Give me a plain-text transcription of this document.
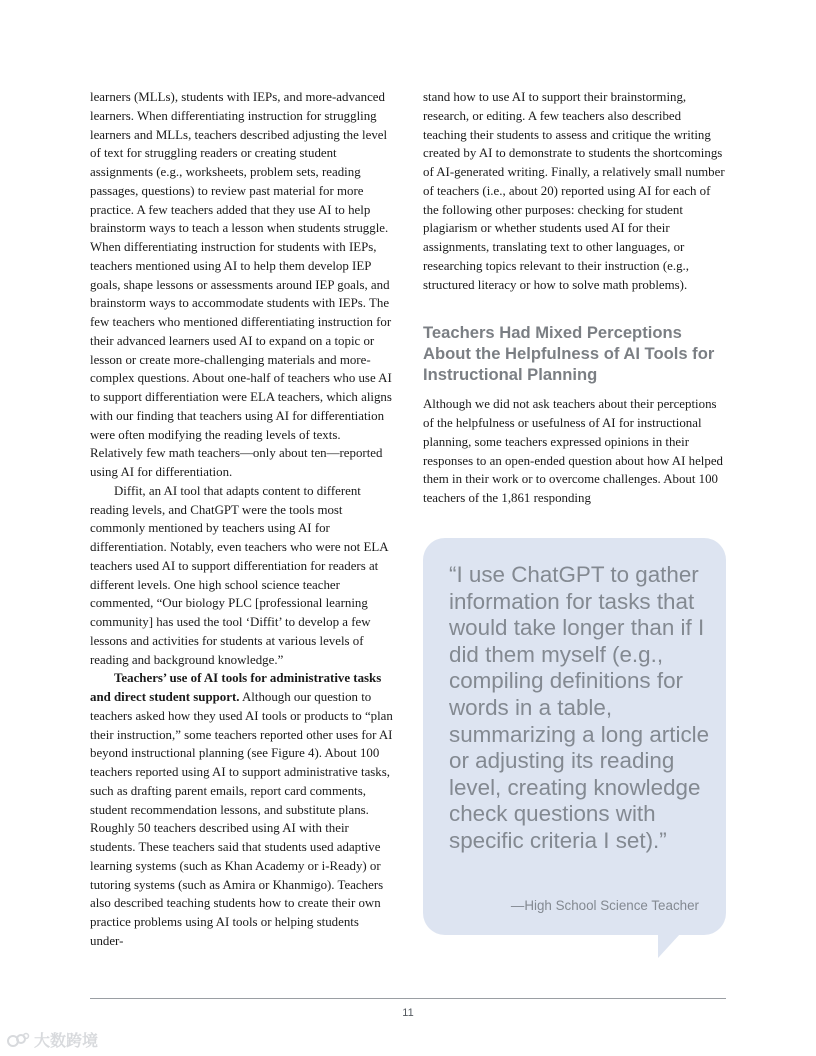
learners (MLLs), students with IEPs, and more-advanced learners. When differentiating instruction for struggling learners and MLLs, teachers described adjusting the level of text for struggling readers or creating student assignments (e.g., worksheets, problem sets, reading passages, questions) to review past material for more practice. A few teachers added that they use AI to help brainstorm ways to teach a lesson when students struggle. When differentiating instruction for students with IEPs, teachers mentioned using AI to help them develop IEP goals, shape lessons or assessments around IEP goals, and brainstorm ways to accommodate students with IEPs. The few teachers who mentioned differentiating instruction for their advanced learners used AI to expand on a topic or lesson or create more-challenging materials and more-complex questions. About one-half of teachers who use AI to support differentiation were ELA teachers, which aligns with our finding that teachers using AI for differentiation were often modifying the reading levels of texts. Relatively few math teachers—only about ten—reported using AI for differentiation.

Diffit, an AI tool that adapts content to different reading levels, and ChatGPT were the tools most commonly mentioned by teachers using AI for differentiation. Notably, even teachers who were not ELA teachers used AI to support differentiation for readers at different levels. One high school science teacher commented, “Our biology PLC [professional learning community] has used the tool ‘Diffit’ to develop a few lessons and activities for students at various levels of reading and background knowledge.”

Teachers’ use of AI tools for administrative tasks and direct student support. Although our question to teachers asked how they used AI tools or products to “plan their instruction,” some teachers reported other uses for AI beyond instructional planning (see Figure 4). About 100 teachers reported using AI to support administrative tasks, such as drafting parent emails, report card comments, student recommendation lessons, and substitute plans. Roughly 50 teachers described using AI with their students. These teachers said that students used adaptive learning systems (such as Khan Academy or i-Ready) or tutoring systems (such as Amira or Khanmigo). Teachers also described teaching students how to create their own practice problems using AI tools or helping students under-

stand how to use AI to support their brainstorming, research, or editing. A few teachers also described teaching their students to assess and critique the writing created by AI to demonstrate to students the shortcomings of AI-generated writing. Finally, a relatively small number of teachers (i.e., about 20) reported using AI for each of the following other purposes: checking for student plagiarism or whether students used AI for their assignments, translating text to other languages, or researching topics relevant to their instruction (e.g., structured literacy or how to solve math problems).

Teachers Had Mixed Perceptions About the Helpfulness of AI Tools for Instructional Planning

Although we did not ask teachers about their perceptions of the helpfulness or usefulness of AI for instructional planning, some teachers expressed opinions in their responses to an open-ended question about how AI helped them in their work or to overcome challenges. About 100 teachers of the 1,861 responding

“I use ChatGPT to gather information for tasks that would take longer than if I did them myself (e.g., compiling definitions for words in a table, summarizing a long article or adjusting its reading level, creating knowledge check questions with specific criteria I set).”

—High School Science Teacher
11
大数跨境
